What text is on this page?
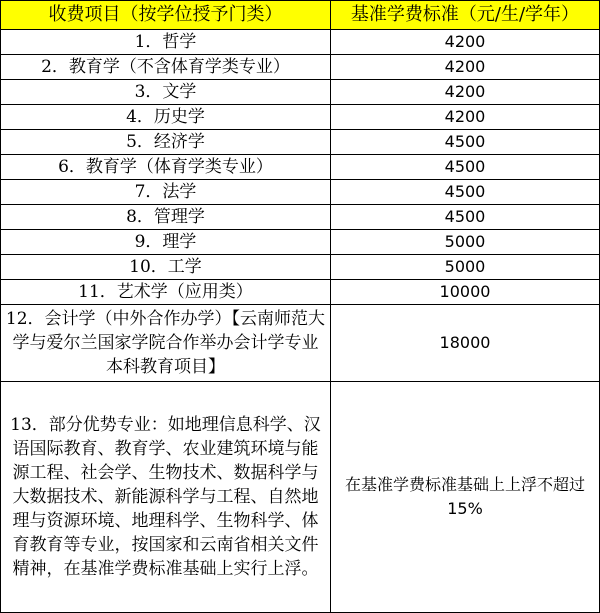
收费项目（按学位授予门类）	基准学费标准（元/生/学年）
1．哲学	4200
2．教育学（不含体育学类专业）	4200
3．文学	4200
4．历史学	4200
5．经济学	4500
6．教育学（体育学类专业）	4500
7．法学	4500
8．管理学	4500
9．理学	5000
10．工学	5000
11．艺术学（应用类）	10000
12．会计学（中外合作办学）【云南师范大学与爱尔兰国家学院合作举办会计学专业本科教育项目】	18000
13．部分优势专业：如地理信息科学、汉语国际教育、教育学、农业建筑环境与能源工程、社会学、生物技术、数据科学与大数据技术、新能源科学与工程、自然地理与资源环境、地理科学、生物科学、体育教育等专业，按国家和云南省相关文件精神，在基准学费标准基础上实行上浮。	在基准学费标准基础上上浮不超过15%
